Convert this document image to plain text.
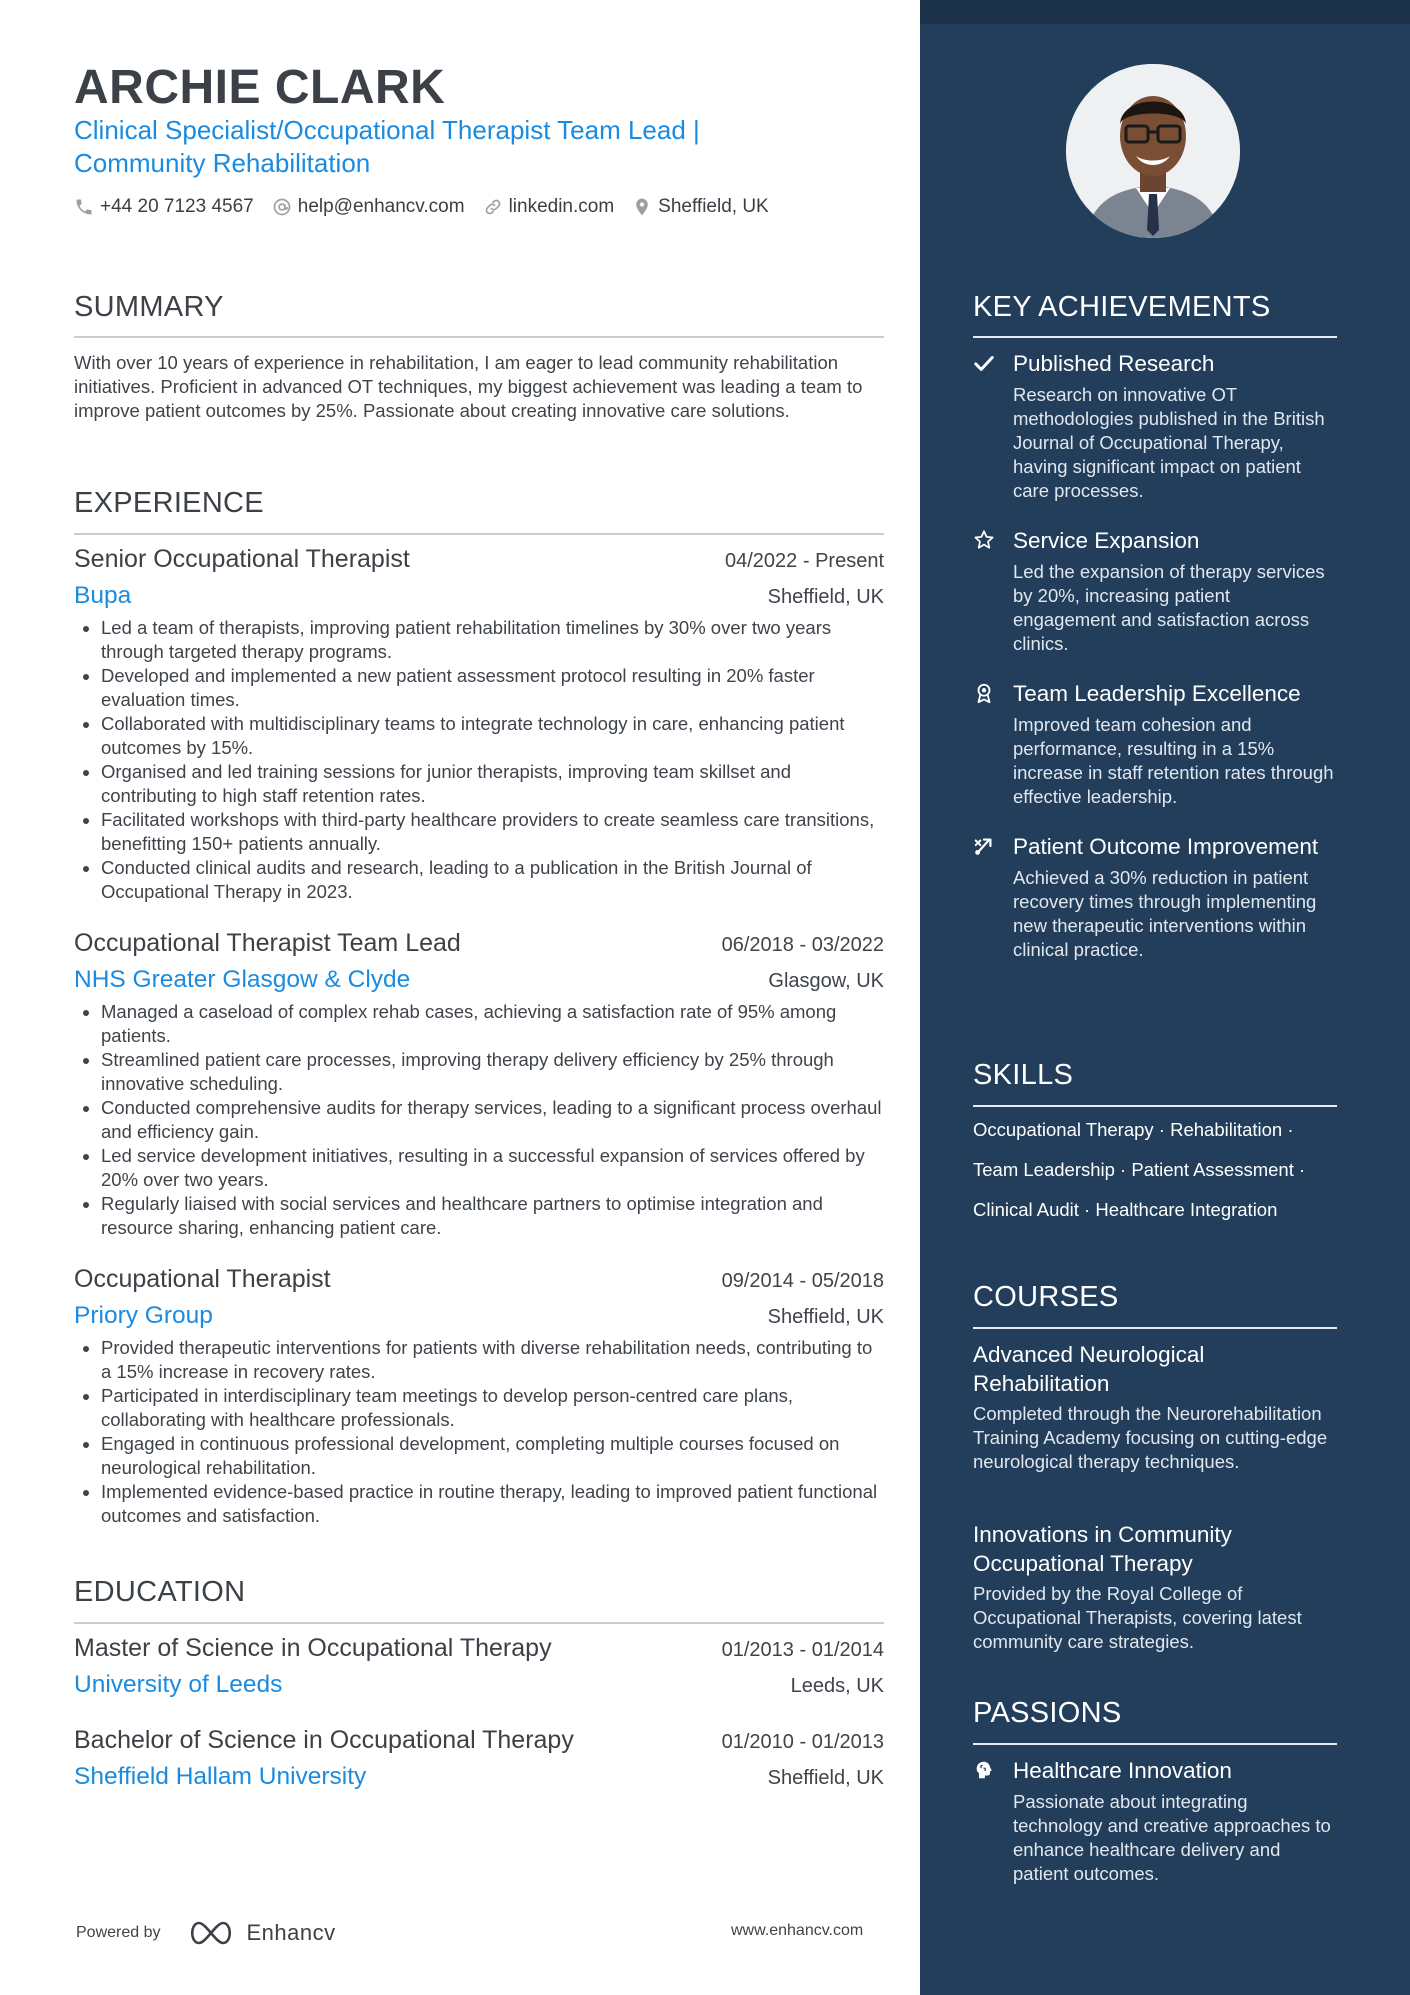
ARCHIE CLARK
Clinical Specialist/Occupational Therapist Team Lead | Community Rehabilitation
+44 20 7123 4567 help@enhancv.com linkedin.com Sheffield, UK
SUMMARY
With over 10 years of experience in rehabilitation, I am eager to lead community rehabilitation initiatives. Proficient in advanced OT techniques, my biggest achievement was leading a team to improve patient outcomes by 25%. Passionate about creating innovative care solutions.
EXPERIENCE
Senior Occupational Therapist	04/2022 - Present
Bupa	Sheffield, UK
• Led a team of therapists, improving patient rehabilitation timelines by 30% over two years through targeted therapy programs.
• Developed and implemented a new patient assessment protocol resulting in 20% faster evaluation times.
• Collaborated with multidisciplinary teams to integrate technology in care, enhancing patient outcomes by 15%.
• Organised and led training sessions for junior therapists, improving team skillset and contributing to high staff retention rates.
• Facilitated workshops with third-party healthcare providers to create seamless care transitions, benefitting 150+ patients annually.
• Conducted clinical audits and research, leading to a publication in the British Journal of Occupational Therapy in 2023.
Occupational Therapist Team Lead	06/2018 - 03/2022
NHS Greater Glasgow & Clyde	Glasgow, UK
• Managed a caseload of complex rehab cases, achieving a satisfaction rate of 95% among patients.
• Streamlined patient care processes, improving therapy delivery efficiency by 25% through innovative scheduling.
• Conducted comprehensive audits for therapy services, leading to a significant process overhaul and efficiency gain.
• Led service development initiatives, resulting in a successful expansion of services offered by 20% over two years.
• Regularly liaised with social services and healthcare partners to optimise integration and resource sharing, enhancing patient care.
Occupational Therapist	09/2014 - 05/2018
Priory Group	Sheffield, UK
• Provided therapeutic interventions for patients with diverse rehabilitation needs, contributing to a 15% increase in recovery rates.
• Participated in interdisciplinary team meetings to develop person-centred care plans, collaborating with healthcare professionals.
• Engaged in continuous professional development, completing multiple courses focused on neurological rehabilitation.
• Implemented evidence-based practice in routine therapy, leading to improved patient functional outcomes and satisfaction.
EDUCATION
Master of Science in Occupational Therapy	01/2013 - 01/2014
University of Leeds	Leeds, UK
Bachelor of Science in Occupational Therapy	01/2010 - 01/2013
Sheffield Hallam University	Sheffield, UK
Powered by	Enhancv	www.enhancv.com
KEY ACHIEVEMENTS
Published Research
Research on innovative OT methodologies published in the British Journal of Occupational Therapy, having significant impact on patient care processes.
Service Expansion
Led the expansion of therapy services by 20%, increasing patient engagement and satisfaction across clinics.
Team Leadership Excellence
Improved team cohesion and performance, resulting in a 15% increase in staff retention rates through effective leadership.
Patient Outcome Improvement
Achieved a 30% reduction in patient recovery times through implementing new therapeutic interventions within clinical practice.
SKILLS
Occupational Therapy · Rehabilitation ·
Team Leadership · Patient Assessment ·
Clinical Audit · Healthcare Integration
COURSES
Advanced Neurological Rehabilitation
Completed through the Neurorehabilitation Training Academy focusing on cutting-edge neurological therapy techniques.
Innovations in Community Occupational Therapy
Provided by the Royal College of Occupational Therapists, covering latest community care strategies.
PASSIONS
Healthcare Innovation
Passionate about integrating technology and creative approaches to enhance healthcare delivery and patient outcomes.
